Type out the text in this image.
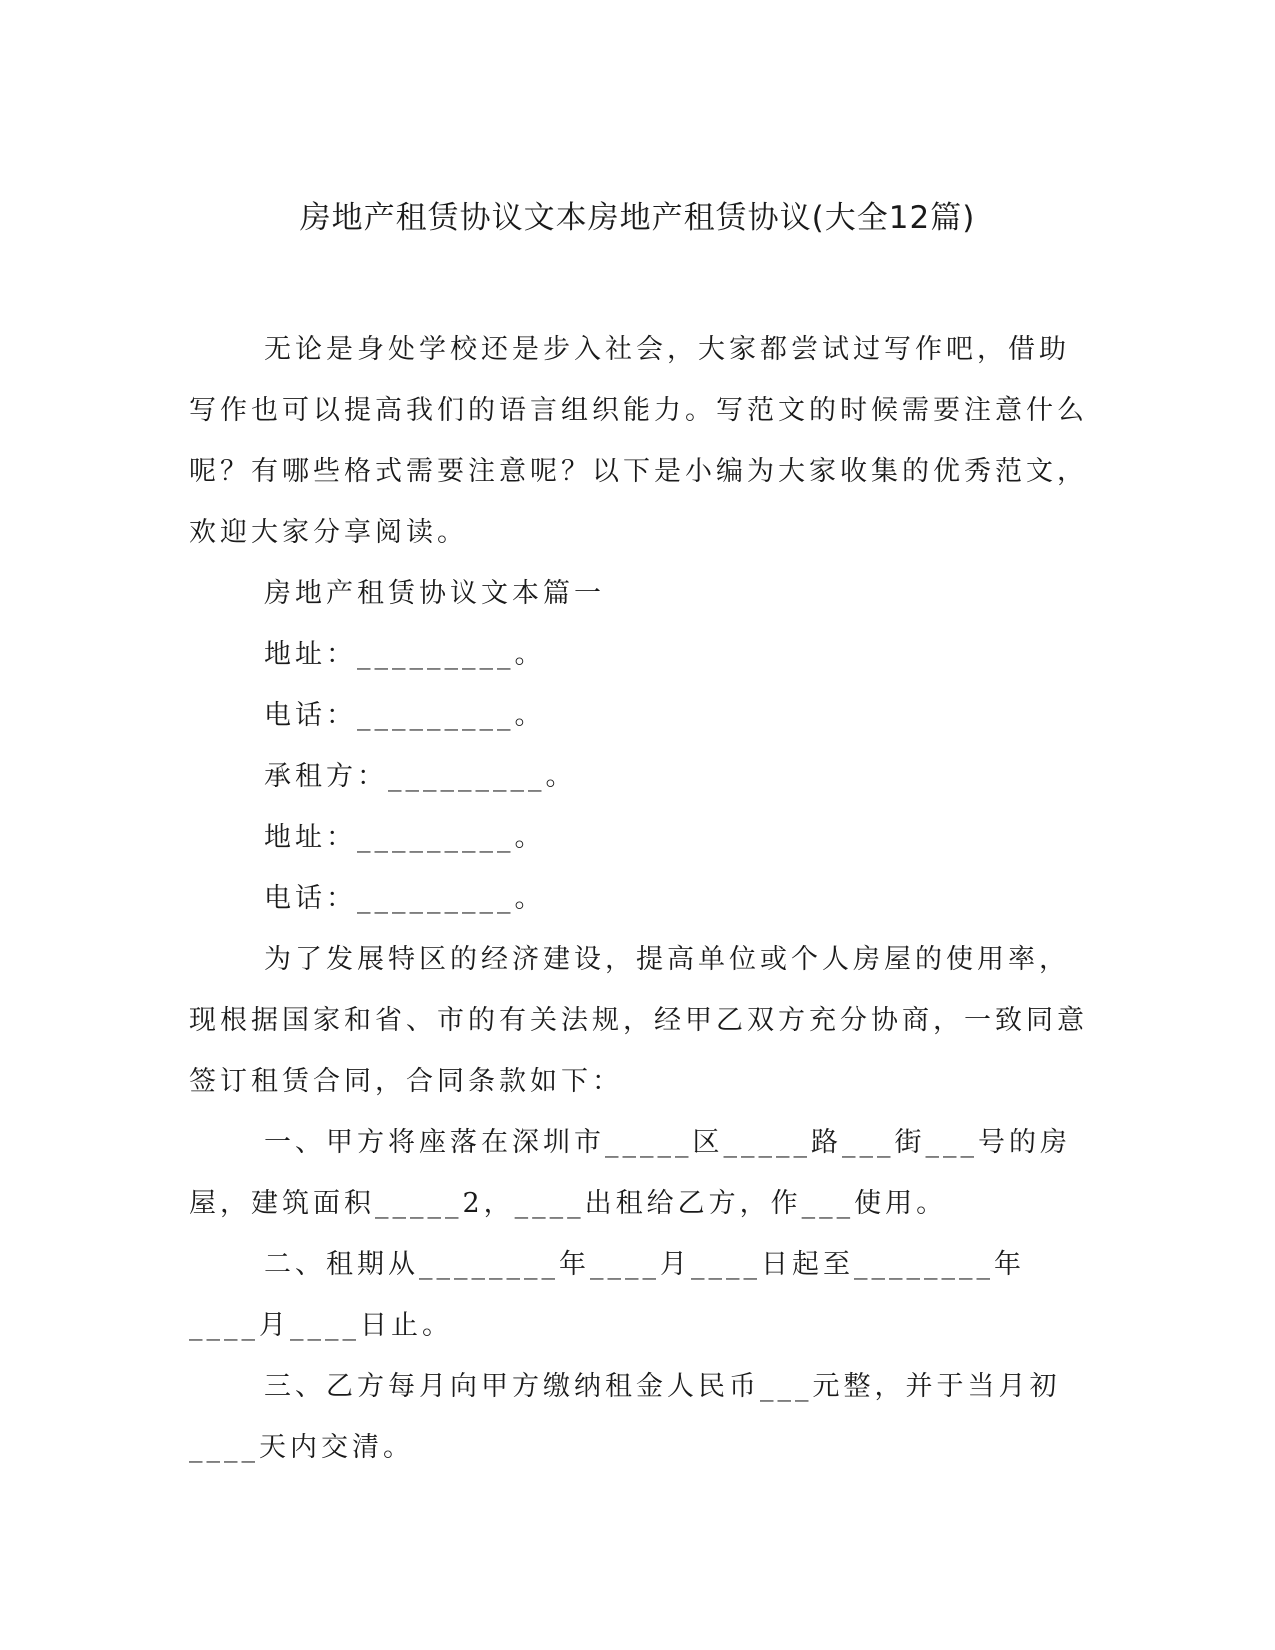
房地产租赁协议文本房地产租赁协议(大全12篇)

无论是身处学校还是步入社会，大家都尝试过写作吧，借助写作也可以提高我们的语言组织能力。写范文的时候需要注意什么呢？有哪些格式需要注意呢？以下是小编为大家收集的优秀范文，欢迎大家分享阅读。

房地产租赁协议文本篇一

地址：_________。

电话：_________。

承租方：_________。

地址：_________。

电话：_________。

为了发展特区的经济建设，提高单位或个人房屋的使用率，现根据国家和省、市的有关法规，经甲乙双方充分协商，一致同意签订租赁合同，合同条款如下：

一、甲方将座落在深圳市_____区_____路___街___号的房屋，建筑面积_____2，____出租给乙方，作___使用。

二、租期从________年____月____日起至________年____月____日止。

三、乙方每月向甲方缴纳租金人民币___元整，并于当月初____天内交清。
